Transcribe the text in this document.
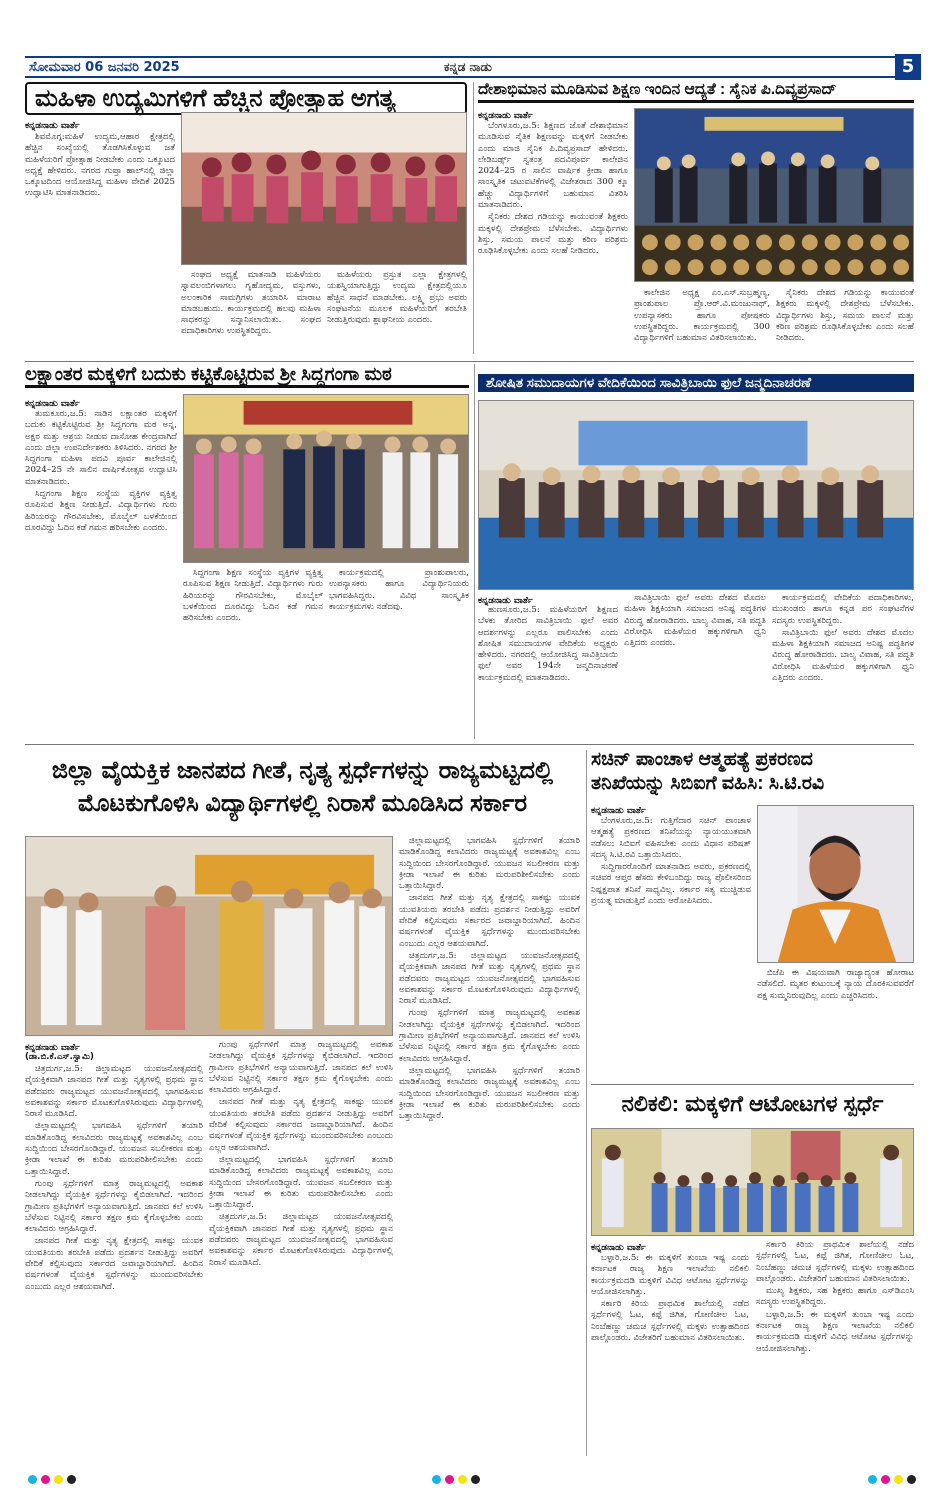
ಸೋಮವಾರ 06 ಜನವರಿ 2025	ಕನ್ನಡ ನಾಡು	5
ಮಹಿಳಾ ಉದ್ಯಮಿಗಳಿಗೆ ಹೆಚ್ಚಿನ ಪ್ರೋತ್ಸಾಹ ಅಗತ್ಯ
ಕನ್ನಡನಾಡು ವಾರ್ತೆ

ಶಿವಮೊಗ್ಗ:ಮಹಿಳೆ ಉದ್ಯಮ,ಆಹಾರ ಕ್ಷೇತ್ರದಲ್ಲಿ ಹೆಚ್ಚಿನ ಸಂಖ್ಯೆಯಲ್ಲಿ ತೊಡಗಿಸಿಕೊಳ್ಳುವ ಜತೆ ಮಹಿಳೆಯರಿಗೆ ಪ್ರೋತ್ಸಾಹ ನೀಡಬೇಕು ಎಂದು ಒಕ್ಕೂಟದ ಅಧ್ಯಕ್ಷೆ ಹೇಳಿದರು. ನಗರದ ಗುಪ್ತಾ ಹಾಲ್‌ನಲ್ಲಿ ಜಿಲ್ಲಾ ಒಕ್ಕೂಟದಿಂದ ಆಯೋಜಿಸಿದ್ದ ಮಹಿಳಾ ವೇದಿಕೆ 2025 ಉದ್ಘಾಟಿಸಿ ಮಾತನಾಡಿದರು.

ಸಂಘದ ಅಧ್ಯಕ್ಷೆ ಮಾತನಾಡಿ ಮಹಿಳೆಯರು ಸ್ವಾವಲಂಬಿಗಳಾಗಲು ಗೃಹೋದ್ಯಮ, ವಸ್ತುಗಳು, ಅಲಂಕಾರಿಕ ಸಾಮಗ್ರಿಗಳು ತಯಾರಿಸಿ ಮಾರಾಟ ಮಾಡಬಹುದು. ಕಾರ್ಯಕ್ರಮದಲ್ಲಿ ಹಲವು ಮಹಿಳಾ ಸಾಧಕರನ್ನು ಸನ್ಮಾನಿಸಲಾಯಿತು. ಸಂಘದ ಪದಾಧಿಕಾರಿಗಳು ಉಪಸ್ಥಿತರಿದ್ದರು.

ಮಹಿಳೆಯರು ಪ್ರಸ್ತುತ ಎಲ್ಲಾ ಕ್ಷೇತ್ರಗಳಲ್ಲಿ ಯಶಸ್ವಿಯಾಗುತ್ತಿದ್ದು ಉದ್ಯಮ ಕ್ಷೇತ್ರದಲ್ಲಿಯೂ ಹೆಚ್ಚಿನ ಸಾಧನೆ ಮಾಡಬೇಕು. ಲಕ್ಷ್ಮಿ ಪ್ರಭು ಅವರು ಸಂಘಟನೆಯ ಮೂಲಕ ಮಹಿಳೆಯರಿಗೆ ತರಬೇತಿ ನೀಡುತ್ತಿರುವುದು ಶ್ಲಾಘನೀಯ ಎಂದರು.

ದೇಶಾಭಿಮಾನ ಮೂಡಿಸುವ ಶಿಕ್ಷಣ ಇಂದಿನ ಆದ್ಯತೆ : ಸೈನಿಕ ಪಿ.ದಿವ್ಯಪ್ರಸಾದ್
ಕನ್ನಡನಾಡು ವಾರ್ತೆ

ಬೆಂಗಳೂರು,ಜ.5: ಶಿಕ್ಷಣದ ಜೊತೆ ದೇಶಾಭಿಮಾನ ಮೂಡಿಸುವ ನೈತಿಕ ಶಿಕ್ಷಣವನ್ನು ಮಕ್ಕಳಿಗೆ ನೀಡಬೇಕು ಎಂದು ಮಾಜಿ ಸೈನಿಕ ಪಿ.ದಿವ್ಯಪ್ರಸಾದ್ ಹೇಳಿದರು. ಲೇಡಿಬರ್ಡ್ಸ್ ಸ್ವತಂತ್ರ ಪದವಿಪೂರ್ವ ಕಾಲೇಜಿನ 2024–25 ರ ಸಾಲಿನ ವಾರ್ಷಿಕ ಕ್ರೀಡಾ ಹಾಗೂ ಸಾಂಸ್ಕೃತಿಕ ಚಟುವಟಿಕೆಗಳಲ್ಲಿ ವಿಜೇತರಾದ 300 ಕ್ಕೂ ಹೆಚ್ಚು ವಿದ್ಯಾರ್ಥಿಗಳಿಗೆ ಬಹುಮಾನ ವಿತರಿಸಿ ಮಾತನಾಡಿದರು.

ಸೈನಿಕರು ದೇಶದ ಗಡಿಯನ್ನು ಕಾಯುವಂತೆ ಶಿಕ್ಷಕರು ಮಕ್ಕಳಲ್ಲಿ ದೇಶಪ್ರೇಮ ಬೆಳೆಸಬೇಕು. ವಿದ್ಯಾರ್ಥಿಗಳು ಶಿಸ್ತು, ಸಮಯ ಪಾಲನೆ ಮತ್ತು ಕಠಿಣ ಪರಿಶ್ರಮ ರೂಢಿಸಿಕೊಳ್ಳಬೇಕು ಎಂದು ಸಲಹೆ ನೀಡಿದರು.

ಕಾಲೇಜಿನ ಅಧ್ಯಕ್ಷ ಎಂ.ಎಸ್.ಸುಬ್ರಹ್ಮಣ್ಯ, ಪ್ರಾಂಶುಪಾಲ ಪ್ರೊ.ಆರ್.ವಿ.ಮಂಜುನಾಥ್, ಉಪನ್ಯಾಸಕರು ಹಾಗೂ ಪೋಷಕರು ಉಪಸ್ಥಿತರಿದ್ದರು. ಕಾರ್ಯಕ್ರಮದಲ್ಲಿ 300 ವಿದ್ಯಾರ್ಥಿಗಳಿಗೆ ಬಹುಮಾನ ವಿತರಿಸಲಾಯಿತು.

ಸೈನಿಕರು ದೇಶದ ಗಡಿಯನ್ನು ಕಾಯುವಂತೆ ಶಿಕ್ಷಕರು ಮಕ್ಕಳಲ್ಲಿ ದೇಶಪ್ರೇಮ ಬೆಳೆಸಬೇಕು. ವಿದ್ಯಾರ್ಥಿಗಳು ಶಿಸ್ತು, ಸಮಯ ಪಾಲನೆ ಮತ್ತು ಕಠಿಣ ಪರಿಶ್ರಮ ರೂಢಿಸಿಕೊಳ್ಳಬೇಕು ಎಂದು ಸಲಹೆ ನೀಡಿದರು.

ಲಕ್ಷಾಂತರ ಮಕ್ಕಳಿಗೆ ಬದುಕು ಕಟ್ಟಿಕೊಟ್ಟಿರುವ ಶ್ರೀ ಸಿದ್ದಗಂಗಾ ಮಠ
ಕನ್ನಡನಾಡು ವಾರ್ತೆ

ತುಮಕೂರು,ಜ.5: ನಾಡಿನ ಲಕ್ಷಾಂತರ ಮಕ್ಕಳಿಗೆ ಬದುಕು ಕಟ್ಟಿಕೊಟ್ಟಿರುವ ಶ್ರೀ ಸಿದ್ದಗಂಗಾ ಮಠ ಅನ್ನ, ಅಕ್ಷರ ಮತ್ತು ಆಶ್ರಯ ನೀಡುವ ದಾಸೋಹ ಕೇಂದ್ರವಾಗಿದೆ ಎಂದು ಜಿಲ್ಲಾ ಉಪನಿರ್ದೇಶಕರು ತಿಳಿಸಿದರು. ನಗರದ ಶ್ರೀ ಸಿದ್ದಗಂಗಾ ಮಹಿಳಾ ಪದವಿ ಪೂರ್ವ ಕಾಲೇಜಿನಲ್ಲಿ 2024–25 ನೇ ಸಾಲಿನ ವಾರ್ಷಿಕೋತ್ಸವ ಉದ್ಘಾಟಿಸಿ ಮಾತನಾಡಿದರು.

ಸಿದ್ದಗಂಗಾ ಶಿಕ್ಷಣ ಸಂಸ್ಥೆಯ ವ್ಯಕ್ತಿಗಳ ವ್ಯಕ್ತಿತ್ವ ರೂಪಿಸುವ ಶಿಕ್ಷಣ ನೀಡುತ್ತಿದೆ. ವಿದ್ಯಾರ್ಥಿಗಳು ಗುರು ಹಿರಿಯರನ್ನು ಗೌರವಿಸಬೇಕು, ಮೊಬೈಲ್ ಬಳಕೆಯಿಂದ ದೂರವಿದ್ದು ಓದಿನ ಕಡೆ ಗಮನ ಹರಿಸಬೇಕು ಎಂದರು.

ಸಿದ್ದಗಂಗಾ ಶಿಕ್ಷಣ ಸಂಸ್ಥೆಯ ವ್ಯಕ್ತಿಗಳ ವ್ಯಕ್ತಿತ್ವ ರೂಪಿಸುವ ಶಿಕ್ಷಣ ನೀಡುತ್ತಿದೆ. ವಿದ್ಯಾರ್ಥಿಗಳು ಗುರು ಹಿರಿಯರನ್ನು ಗೌರವಿಸಬೇಕು, ಮೊಬೈಲ್ ಬಳಕೆಯಿಂದ ದೂರವಿದ್ದು ಓದಿನ ಕಡೆ ಗಮನ ಹರಿಸಬೇಕು ಎಂದರು.

ಕಾರ್ಯಕ್ರಮದಲ್ಲಿ ಪ್ರಾಂಶುಪಾಲರು, ಉಪನ್ಯಾಸಕರು ಹಾಗೂ ವಿದ್ಯಾರ್ಥಿನಿಯರು ಭಾಗವಹಿಸಿದ್ದರು. ವಿವಿಧ ಸಾಂಸ್ಕೃತಿಕ ಕಾರ್ಯಕ್ರಮಗಳು ನಡೆದವು.

ಶೋಷಿತ ಸಮುದಾಯಗಳ ವೇದಿಕೆಯಿಂದ ಸಾವಿತ್ರಿಬಾಯಿ ಫುಲೆ ಜನ್ಮದಿನಾಚರಣೆ
ಕನ್ನಡನಾಡು ವಾರ್ತೆ

ಹುಣಸೂರು,ಜ.5: ಮಹಿಳೆಯರಿಗೆ ಶಿಕ್ಷಣದ ಬೆಳಕು ತೋರಿದ ಸಾವಿತ್ರಿಬಾಯಿ ಫುಲೆ ಅವರ ಆದರ್ಶಗಳನ್ನು ಎಲ್ಲರೂ ಪಾಲಿಸಬೇಕು ಎಂದು ಶೋಷಿತ ಸಮುದಾಯಗಳ ವೇದಿಕೆಯ ಅಧ್ಯಕ್ಷರು ಹೇಳಿದರು. ನಗರದಲ್ಲಿ ಆಯೋಜಿಸಿದ್ದ ಸಾವಿತ್ರಿಬಾಯಿ ಫುಲೆ ಅವರ 194ನೇ ಜನ್ಮದಿನಾಚರಣೆ ಕಾರ್ಯಕ್ರಮದಲ್ಲಿ ಮಾತನಾಡಿದರು.

ಸಾವಿತ್ರಿಬಾಯಿ ಫುಲೆ ಅವರು ದೇಶದ ಮೊದಲ ಮಹಿಳಾ ಶಿಕ್ಷಕಿಯಾಗಿ ಸಮಾಜದ ಅನಿಷ್ಟ ಪದ್ಧತಿಗಳ ವಿರುದ್ಧ ಹೋರಾಡಿದರು. ಬಾಲ್ಯ ವಿವಾಹ, ಸತಿ ಪದ್ಧತಿ ವಿರೋಧಿಸಿ ಮಹಿಳೆಯರ ಹಕ್ಕುಗಳಿಗಾಗಿ ಧ್ವನಿ ಎತ್ತಿದರು ಎಂದರು.

ಕಾರ್ಯಕ್ರಮದಲ್ಲಿ ವೇದಿಕೆಯ ಪದಾಧಿಕಾರಿಗಳು, ಮುಖಂಡರು ಹಾಗೂ ಕನ್ನಡ ಪರ ಸಂಘಟನೆಗಳ ಸದಸ್ಯರು ಉಪಸ್ಥಿತರಿದ್ದರು.

ಸಾವಿತ್ರಿಬಾಯಿ ಫುಲೆ ಅವರು ದೇಶದ ಮೊದಲ ಮಹಿಳಾ ಶಿಕ್ಷಕಿಯಾಗಿ ಸಮಾಜದ ಅನಿಷ್ಟ ಪದ್ಧತಿಗಳ ವಿರುದ್ಧ ಹೋರಾಡಿದರು. ಬಾಲ್ಯ ವಿವಾಹ, ಸತಿ ಪದ್ಧತಿ ವಿರೋಧಿಸಿ ಮಹಿಳೆಯರ ಹಕ್ಕುಗಳಿಗಾಗಿ ಧ್ವನಿ ಎತ್ತಿದರು ಎಂದರು.

ಜಿಲ್ಲಾ ವೈಯಕ್ತಿಕ ಜಾನಪದ ಗೀತೆ, ನೃತ್ಯ ಸ್ಪರ್ಧೆಗಳನ್ನು ರಾಜ್ಯಮಟ್ಟದಲ್ಲಿ
ಮೊಟಕುಗೊಳಿಸಿ ವಿದ್ಯಾರ್ಥಿಗಳಲ್ಲಿ ನಿರಾಸೆ ಮೂಡಿಸಿದ ಸರ್ಕಾರ
ಕನ್ನಡನಾಡು ವಾರ್ತೆ
(ಡಾ.ಬಿ.ಕೆ.ಎಸ್.ಸ್ವಾಮಿ)

ಚಿತ್ರದುರ್ಗ,ಜ.5: ಜಿಲ್ಲಾಮಟ್ಟದ ಯುವಜನೋತ್ಸವದಲ್ಲಿ ವೈಯಕ್ತಿಕವಾಗಿ ಜಾನಪದ ಗೀತೆ ಮತ್ತು ನೃತ್ಯಗಳಲ್ಲಿ ಪ್ರಥಮ ಸ್ಥಾನ ಪಡೆದವರು ರಾಜ್ಯಮಟ್ಟದ ಯುವಜನೋತ್ಸವದಲ್ಲಿ ಭಾಗವಹಿಸುವ ಅವಕಾಶವನ್ನು ಸರ್ಕಾರ ಮೊಟಕುಗೊಳಿಸಿರುವುದು ವಿದ್ಯಾರ್ಥಿಗಳಲ್ಲಿ ನಿರಾಸೆ ಮೂಡಿಸಿದೆ.

ಜಿಲ್ಲಾಮಟ್ಟದಲ್ಲಿ ಭಾಗವಹಿಸಿ ಸ್ಪರ್ಧೆಗಳಿಗೆ ತಯಾರಿ ಮಾಡಿಕೊಂಡಿದ್ದ ಕಲಾವಿದರು ರಾಜ್ಯಮಟ್ಟಕ್ಕೆ ಅವಕಾಶವಿಲ್ಲ ಎಂಬ ಸುದ್ದಿಯಿಂದ ಬೇಸರಗೊಂಡಿದ್ದಾರೆ. ಯುವಜನ ಸಬಲೀಕರಣ ಮತ್ತು ಕ್ರೀಡಾ ಇಲಾಖೆ ಈ ಕುರಿತು ಮರುಪರಿಶೀಲಿಸಬೇಕು ಎಂದು ಒತ್ತಾಯಿಸಿದ್ದಾರೆ.

ಗುಂಪು ಸ್ಪರ್ಧೆಗಳಿಗೆ ಮಾತ್ರ ರಾಜ್ಯಮಟ್ಟದಲ್ಲಿ ಅವಕಾಶ ನೀಡಲಾಗಿದ್ದು ವೈಯಕ್ತಿಕ ಸ್ಪರ್ಧೆಗಳನ್ನು ಕೈಬಿಡಲಾಗಿದೆ. ಇದರಿಂದ ಗ್ರಾಮೀಣ ಪ್ರತಿಭೆಗಳಿಗೆ ಅನ್ಯಾಯವಾಗುತ್ತಿದೆ. ಜಾನಪದ ಕಲೆ ಉಳಿಸಿ ಬೆಳೆಸುವ ನಿಟ್ಟಿನಲ್ಲಿ ಸರ್ಕಾರ ತಕ್ಷಣ ಕ್ರಮ ಕೈಗೊಳ್ಳಬೇಕು ಎಂದು ಕಲಾವಿದರು ಆಗ್ರಹಿಸಿದ್ದಾರೆ.

ಜಾನಪದ ಗೀತೆ ಮತ್ತು ನೃತ್ಯ ಕ್ಷೇತ್ರದಲ್ಲಿ ಸಾಕಷ್ಟು ಯುವಕ ಯುವತಿಯರು ತರಬೇತಿ ಪಡೆದು ಪ್ರದರ್ಶನ ನೀಡುತ್ತಿದ್ದು ಅವರಿಗೆ ವೇದಿಕೆ ಕಲ್ಪಿಸುವುದು ಸರ್ಕಾರದ ಜವಾಬ್ದಾರಿಯಾಗಿದೆ. ಹಿಂದಿನ ವರ್ಷಗಳಂತೆ ವೈಯಕ್ತಿಕ ಸ್ಪರ್ಧೆಗಳನ್ನು ಮುಂದುವರಿಸಬೇಕು ಎಂಬುದು ಎಲ್ಲರ ಆಶಯವಾಗಿದೆ.

ಗುಂಪು ಸ್ಪರ್ಧೆಗಳಿಗೆ ಮಾತ್ರ ರಾಜ್ಯಮಟ್ಟದಲ್ಲಿ ಅವಕಾಶ ನೀಡಲಾಗಿದ್ದು ವೈಯಕ್ತಿಕ ಸ್ಪರ್ಧೆಗಳನ್ನು ಕೈಬಿಡಲಾಗಿದೆ. ಇದರಿಂದ ಗ್ರಾಮೀಣ ಪ್ರತಿಭೆಗಳಿಗೆ ಅನ್ಯಾಯವಾಗುತ್ತಿದೆ. ಜಾನಪದ ಕಲೆ ಉಳಿಸಿ ಬೆಳೆಸುವ ನಿಟ್ಟಿನಲ್ಲಿ ಸರ್ಕಾರ ತಕ್ಷಣ ಕ್ರಮ ಕೈಗೊಳ್ಳಬೇಕು ಎಂದು ಕಲಾವಿದರು ಆಗ್ರಹಿಸಿದ್ದಾರೆ.

ಜಾನಪದ ಗೀತೆ ಮತ್ತು ನೃತ್ಯ ಕ್ಷೇತ್ರದಲ್ಲಿ ಸಾಕಷ್ಟು ಯುವಕ ಯುವತಿಯರು ತರಬೇತಿ ಪಡೆದು ಪ್ರದರ್ಶನ ನೀಡುತ್ತಿದ್ದು ಅವರಿಗೆ ವೇದಿಕೆ ಕಲ್ಪಿಸುವುದು ಸರ್ಕಾರದ ಜವಾಬ್ದಾರಿಯಾಗಿದೆ. ಹಿಂದಿನ ವರ್ಷಗಳಂತೆ ವೈಯಕ್ತಿಕ ಸ್ಪರ್ಧೆಗಳನ್ನು ಮುಂದುವರಿಸಬೇಕು ಎಂಬುದು ಎಲ್ಲರ ಆಶಯವಾಗಿದೆ.

ಜಿಲ್ಲಾಮಟ್ಟದಲ್ಲಿ ಭಾಗವಹಿಸಿ ಸ್ಪರ್ಧೆಗಳಿಗೆ ತಯಾರಿ ಮಾಡಿಕೊಂಡಿದ್ದ ಕಲಾವಿದರು ರಾಜ್ಯಮಟ್ಟಕ್ಕೆ ಅವಕಾಶವಿಲ್ಲ ಎಂಬ ಸುದ್ದಿಯಿಂದ ಬೇಸರಗೊಂಡಿದ್ದಾರೆ. ಯುವಜನ ಸಬಲೀಕರಣ ಮತ್ತು ಕ್ರೀಡಾ ಇಲಾಖೆ ಈ ಕುರಿತು ಮರುಪರಿಶೀಲಿಸಬೇಕು ಎಂದು ಒತ್ತಾಯಿಸಿದ್ದಾರೆ.

ಚಿತ್ರದುರ್ಗ,ಜ.5: ಜಿಲ್ಲಾಮಟ್ಟದ ಯುವಜನೋತ್ಸವದಲ್ಲಿ ವೈಯಕ್ತಿಕವಾಗಿ ಜಾನಪದ ಗೀತೆ ಮತ್ತು ನೃತ್ಯಗಳಲ್ಲಿ ಪ್ರಥಮ ಸ್ಥಾನ ಪಡೆದವರು ರಾಜ್ಯಮಟ್ಟದ ಯುವಜನೋತ್ಸವದಲ್ಲಿ ಭಾಗವಹಿಸುವ ಅವಕಾಶವನ್ನು ಸರ್ಕಾರ ಮೊಟಕುಗೊಳಿಸಿರುವುದು ವಿದ್ಯಾರ್ಥಿಗಳಲ್ಲಿ ನಿರಾಸೆ ಮೂಡಿಸಿದೆ.

ಜಿಲ್ಲಾಮಟ್ಟದಲ್ಲಿ ಭಾಗವಹಿಸಿ ಸ್ಪರ್ಧೆಗಳಿಗೆ ತಯಾರಿ ಮಾಡಿಕೊಂಡಿದ್ದ ಕಲಾವಿದರು ರಾಜ್ಯಮಟ್ಟಕ್ಕೆ ಅವಕಾಶವಿಲ್ಲ ಎಂಬ ಸುದ್ದಿಯಿಂದ ಬೇಸರಗೊಂಡಿದ್ದಾರೆ. ಯುವಜನ ಸಬಲೀಕರಣ ಮತ್ತು ಕ್ರೀಡಾ ಇಲಾಖೆ ಈ ಕುರಿತು ಮರುಪರಿಶೀಲಿಸಬೇಕು ಎಂದು ಒತ್ತಾಯಿಸಿದ್ದಾರೆ.

ಜಾನಪದ ಗೀತೆ ಮತ್ತು ನೃತ್ಯ ಕ್ಷೇತ್ರದಲ್ಲಿ ಸಾಕಷ್ಟು ಯುವಕ ಯುವತಿಯರು ತರಬೇತಿ ಪಡೆದು ಪ್ರದರ್ಶನ ನೀಡುತ್ತಿದ್ದು ಅವರಿಗೆ ವೇದಿಕೆ ಕಲ್ಪಿಸುವುದು ಸರ್ಕಾರದ ಜವಾಬ್ದಾರಿಯಾಗಿದೆ. ಹಿಂದಿನ ವರ್ಷಗಳಂತೆ ವೈಯಕ್ತಿಕ ಸ್ಪರ್ಧೆಗಳನ್ನು ಮುಂದುವರಿಸಬೇಕು ಎಂಬುದು ಎಲ್ಲರ ಆಶಯವಾಗಿದೆ.

ಚಿತ್ರದುರ್ಗ,ಜ.5: ಜಿಲ್ಲಾಮಟ್ಟದ ಯುವಜನೋತ್ಸವದಲ್ಲಿ ವೈಯಕ್ತಿಕವಾಗಿ ಜಾನಪದ ಗೀತೆ ಮತ್ತು ನೃತ್ಯಗಳಲ್ಲಿ ಪ್ರಥಮ ಸ್ಥಾನ ಪಡೆದವರು ರಾಜ್ಯಮಟ್ಟದ ಯುವಜನೋತ್ಸವದಲ್ಲಿ ಭಾಗವಹಿಸುವ ಅವಕಾಶವನ್ನು ಸರ್ಕಾರ ಮೊಟಕುಗೊಳಿಸಿರುವುದು ವಿದ್ಯಾರ್ಥಿಗಳಲ್ಲಿ ನಿರಾಸೆ ಮೂಡಿಸಿದೆ.

ಗುಂಪು ಸ್ಪರ್ಧೆಗಳಿಗೆ ಮಾತ್ರ ರಾಜ್ಯಮಟ್ಟದಲ್ಲಿ ಅವಕಾಶ ನೀಡಲಾಗಿದ್ದು ವೈಯಕ್ತಿಕ ಸ್ಪರ್ಧೆಗಳನ್ನು ಕೈಬಿಡಲಾಗಿದೆ. ಇದರಿಂದ ಗ್ರಾಮೀಣ ಪ್ರತಿಭೆಗಳಿಗೆ ಅನ್ಯಾಯವಾಗುತ್ತಿದೆ. ಜಾನಪದ ಕಲೆ ಉಳಿಸಿ ಬೆಳೆಸುವ ನಿಟ್ಟಿನಲ್ಲಿ ಸರ್ಕಾರ ತಕ್ಷಣ ಕ್ರಮ ಕೈಗೊಳ್ಳಬೇಕು ಎಂದು ಕಲಾವಿದರು ಆಗ್ರಹಿಸಿದ್ದಾರೆ.

ಜಿಲ್ಲಾಮಟ್ಟದಲ್ಲಿ ಭಾಗವಹಿಸಿ ಸ್ಪರ್ಧೆಗಳಿಗೆ ತಯಾರಿ ಮಾಡಿಕೊಂಡಿದ್ದ ಕಲಾವಿದರು ರಾಜ್ಯಮಟ್ಟಕ್ಕೆ ಅವಕಾಶವಿಲ್ಲ ಎಂಬ ಸುದ್ದಿಯಿಂದ ಬೇಸರಗೊಂಡಿದ್ದಾರೆ. ಯುವಜನ ಸಬಲೀಕರಣ ಮತ್ತು ಕ್ರೀಡಾ ಇಲಾಖೆ ಈ ಕುರಿತು ಮರುಪರಿಶೀಲಿಸಬೇಕು ಎಂದು ಒತ್ತಾಯಿಸಿದ್ದಾರೆ.

ಸಚಿನ್ ಪಾಂಚಾಳ ಆತ್ಮಹತ್ಯೆ ಪ್ರಕರಣದ
ತನಿಖೆಯನ್ನು ಸಿಬಿಐಗೆ ವಹಿಸಿ: ಸಿ.ಟಿ.ರವಿ
ಕನ್ನಡನಾಡು ವಾರ್ತೆ

ಬೆಂಗಳೂರು,ಜ.5: ಗುತ್ತಿಗೆದಾರ ಸಚಿನ್ ಪಾಂಚಾಳ ಆತ್ಮಹತ್ಯೆ ಪ್ರಕರಣದ ತನಿಖೆಯನ್ನು ನ್ಯಾಯಯುತವಾಗಿ ನಡೆಸಲು ಸಿಬಿಐಗೆ ವಹಿಸಬೇಕು ಎಂದು ವಿಧಾನ ಪರಿಷತ್ ಸದಸ್ಯ ಸಿ.ಟಿ.ರವಿ ಒತ್ತಾಯಿಸಿದರು.

ಸುದ್ದಿಗಾರರೊಂದಿಗೆ ಮಾತನಾಡಿದ ಅವರು, ಪ್ರಕರಣದಲ್ಲಿ ಸಚಿವರ ಆಪ್ತರ ಹೆಸರು ಕೇಳಿಬಂದಿದ್ದು ರಾಜ್ಯ ಪೊಲೀಸರಿಂದ ನಿಷ್ಪಕ್ಷಪಾತ ತನಿಖೆ ಸಾಧ್ಯವಿಲ್ಲ. ಸರ್ಕಾರ ಸತ್ಯ ಮುಚ್ಚಿಡುವ ಪ್ರಯತ್ನ ಮಾಡುತ್ತಿದೆ ಎಂದು ಆರೋಪಿಸಿದರು.

ಬಿಜೆಪಿ ಈ ವಿಷಯವಾಗಿ ರಾಜ್ಯಾದ್ಯಂತ ಹೋರಾಟ ನಡೆಸಲಿದೆ. ಮೃತರ ಕುಟುಂಬಕ್ಕೆ ನ್ಯಾಯ ದೊರಕಿಸುವವರೆಗೆ ಪಕ್ಷ ಸುಮ್ಮನಿರುವುದಿಲ್ಲ ಎಂದು ಎಚ್ಚರಿಸಿದರು.

ನಲಿಕಲಿ: ಮಕ್ಕಳಿಗೆ ಆಟೋಟಗಳ ಸ್ಪರ್ಧೆ
ಕನ್ನಡನಾಡು ವಾರ್ತೆ

ಬಳ್ಳಾರಿ,ಜ.5: ಈ ಮಕ್ಕಳಿಗೆ ತುಂಬಾ ಇಷ್ಟ ಎಂದು ಕರ್ನಾಟಕ ರಾಜ್ಯ ಶಿಕ್ಷಣ ಇಲಾಖೆಯ ನಲಿಕಲಿ ಕಾರ್ಯಕ್ರಮದಡಿ ಮಕ್ಕಳಿಗೆ ವಿವಿಧ ಆಟೋಟ ಸ್ಪರ್ಧೆಗಳನ್ನು ಆಯೋಜಿಸಲಾಗಿತ್ತು.

ಸರ್ಕಾರಿ ಕಿರಿಯ ಪ್ರಾಥಮಿಕ ಶಾಲೆಯಲ್ಲಿ ನಡೆದ ಸ್ಪರ್ಧೆಗಳಲ್ಲಿ ಓಟ, ಕಪ್ಪೆ ಜಿಗಿತ, ಗೋಣಿಚೀಲ ಓಟ, ನಿಂಬೆಹಣ್ಣು ಚಮಚ ಸ್ಪರ್ಧೆಗಳಲ್ಲಿ ಮಕ್ಕಳು ಉತ್ಸಾಹದಿಂದ ಪಾಲ್ಗೊಂಡರು. ವಿಜೇತರಿಗೆ ಬಹುಮಾನ ವಿತರಿಸಲಾಯಿತು.

ಸರ್ಕಾರಿ ಕಿರಿಯ ಪ್ರಾಥಮಿಕ ಶಾಲೆಯಲ್ಲಿ ನಡೆದ ಸ್ಪರ್ಧೆಗಳಲ್ಲಿ ಓಟ, ಕಪ್ಪೆ ಜಿಗಿತ, ಗೋಣಿಚೀಲ ಓಟ, ನಿಂಬೆಹಣ್ಣು ಚಮಚ ಸ್ಪರ್ಧೆಗಳಲ್ಲಿ ಮಕ್ಕಳು ಉತ್ಸಾಹದಿಂದ ಪಾಲ್ಗೊಂಡರು. ವಿಜೇತರಿಗೆ ಬಹುಮಾನ ವಿತರಿಸಲಾಯಿತು.

ಮುಖ್ಯ ಶಿಕ್ಷಕರು, ಸಹ ಶಿಕ್ಷಕರು ಹಾಗೂ ಎಸ್‌ಡಿಎಂಸಿ ಸದಸ್ಯರು ಉಪಸ್ಥಿತರಿದ್ದರು.

ಬಳ್ಳಾರಿ,ಜ.5: ಈ ಮಕ್ಕಳಿಗೆ ತುಂಬಾ ಇಷ್ಟ ಎಂದು ಕರ್ನಾಟಕ ರಾಜ್ಯ ಶಿಕ್ಷಣ ಇಲಾಖೆಯ ನಲಿಕಲಿ ಕಾರ್ಯಕ್ರಮದಡಿ ಮಕ್ಕಳಿಗೆ ವಿವಿಧ ಆಟೋಟ ಸ್ಪರ್ಧೆಗಳನ್ನು ಆಯೋಜಿಸಲಾಗಿತ್ತು.
